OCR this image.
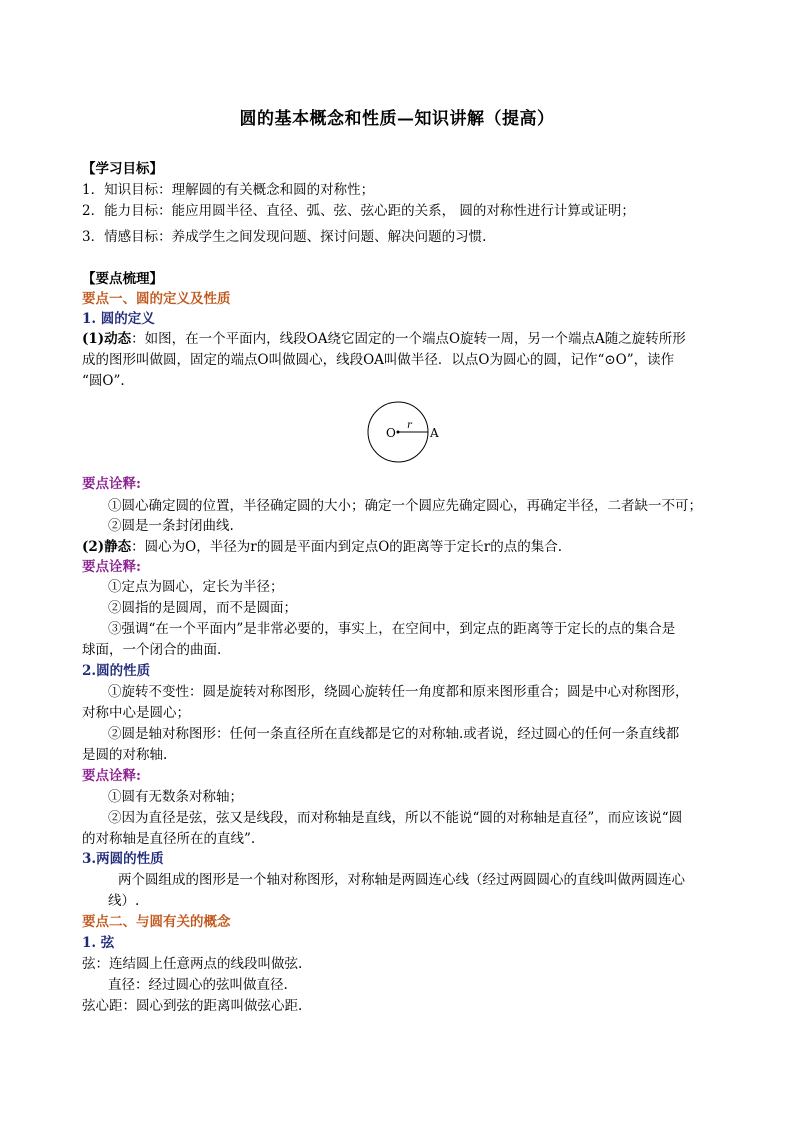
圆的基本概念和性质—知识讲解（提高）
【学习目标】
1．知识目标：理解圆的有关概念和圆的对称性；
2．能力目标：能应用圆半径、直径、弧、弦、弦心距的关系， 圆的对称性进行计算或证明；
3．情感目标：养成学生之间发现问题、探讨问题、解决问题的习惯.
【要点梳理】
要点一、圆的定义及性质
1. 圆的定义
(1)动态：如图，在一个平面内，线段OA绕它固定的一个端点O旋转一周，另一个端点A随之旋转所形
成的图形叫做圆，固定的端点O叫做圆心，线段OA叫做半径．以点O为圆心的圆，记作“⊙O”，读作
“圆O”.
O
r
A
要点诠释:
①圆心确定圆的位置，半径确定圆的大小；确定一个圆应先确定圆心，再确定半径，二者缺一不可；
②圆是一条封闭曲线.
(2)静态：圆心为O，半径为r的圆是平面内到定点O的距离等于定长r的点的集合.
要点诠释:
①定点为圆心，定长为半径；
②圆指的是圆周，而不是圆面；
③强调“在一个平面内”是非常必要的，事实上，在空间中，到定点的距离等于定长的点的集合是
球面，一个闭合的曲面.
2.圆的性质
①旋转不变性：圆是旋转对称图形，绕圆心旋转任一角度都和原来图形重合；圆是中心对称图形，
对称中心是圆心；
②圆是轴对称图形：任何一条直径所在直线都是它的对称轴.或者说，经过圆心的任何一条直线都
是圆的对称轴.
要点诠释:
①圆有无数条对称轴；
②因为直径是弦，弦又是线段，而对称轴是直线，所以不能说“圆的对称轴是直径”，而应该说“圆
的对称轴是直径所在的直线”.
3.两圆的性质
两个圆组成的图形是一个轴对称图形，对称轴是两圆连心线（经过两圆圆心的直线叫做两圆连心
线）.
要点二、与圆有关的概念
1. 弦
弦：连结圆上任意两点的线段叫做弦.
直径：经过圆心的弦叫做直径.
弦心距：圆心到弦的距离叫做弦心距.
